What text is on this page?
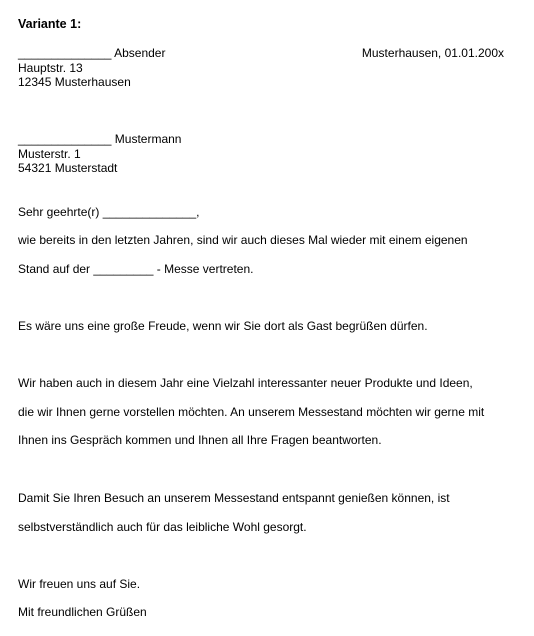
Variante 1:
______________ Absender	Musterhausen, 01.01.200x
Hauptstr. 13
12345 Musterhausen
______________ Mustermann
Musterstr. 1
54321 Musterstadt
Sehr geehrte(r) ______________,
wie bereits in den letzten Jahren, sind wir auch dieses Mal wieder mit einem eigenen
Stand auf der _________ - Messe vertreten.
Es wäre uns eine große Freude, wenn wir Sie dort als Gast begrüßen dürfen.
Wir haben auch in diesem Jahr eine Vielzahl interessanter neuer Produkte und Ideen,
die wir Ihnen gerne vorstellen möchten. An unserem Messestand möchten wir gerne mit
Ihnen ins Gespräch kommen und Ihnen all Ihre Fragen beantworten.
Damit Sie Ihren Besuch an unserem Messestand entspannt genießen können, ist
selbstverständlich auch für das leibliche Wohl gesorgt.
Wir freuen uns auf Sie.
Mit freundlichen Grüßen
